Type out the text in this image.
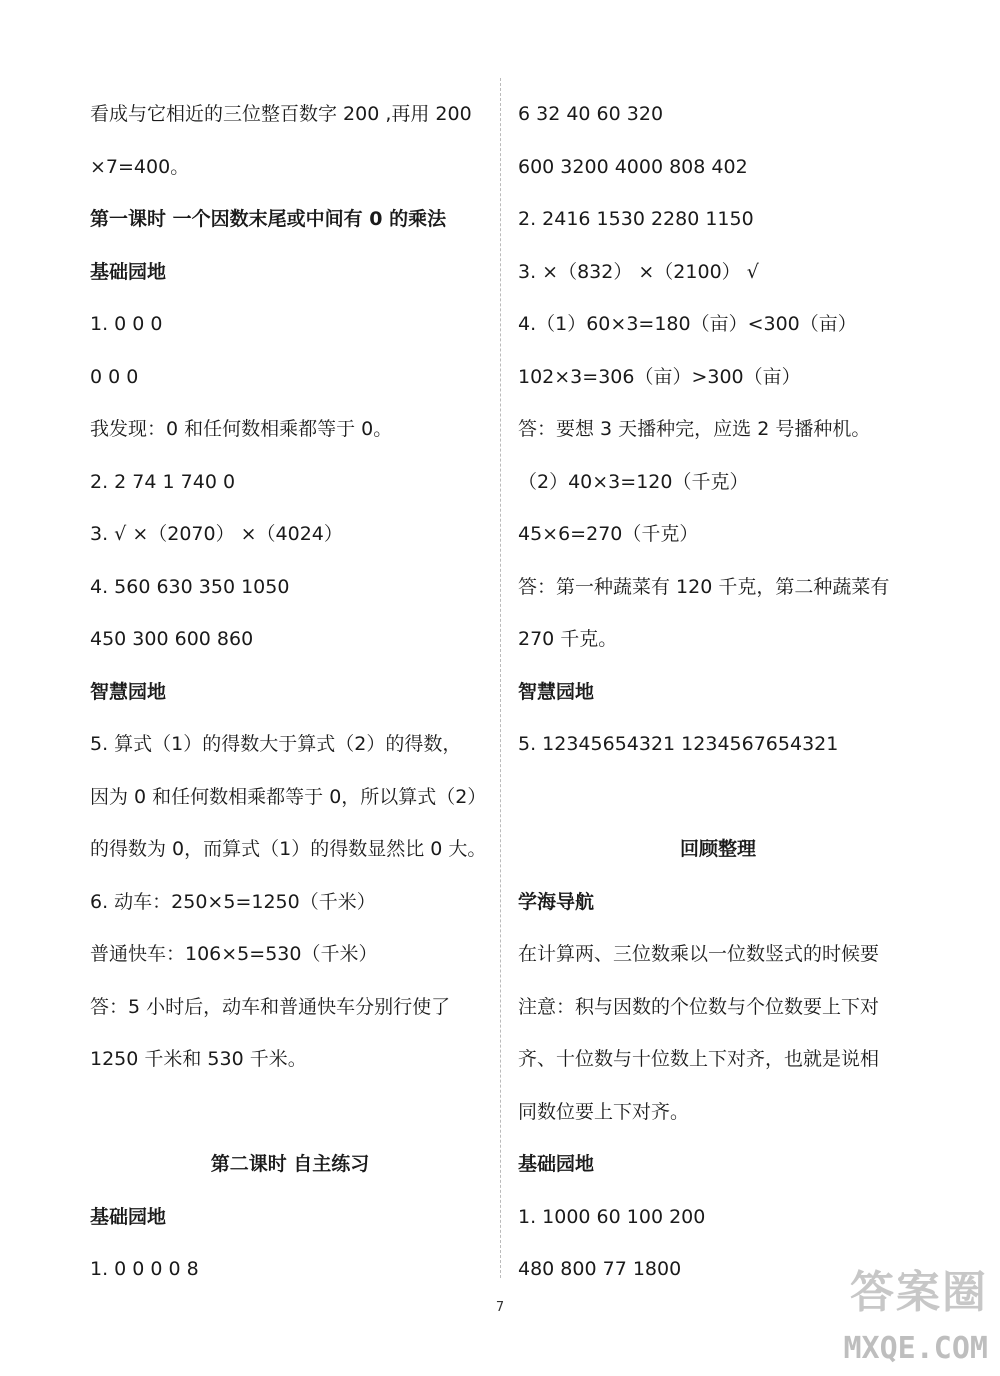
看成与它相近的三位整百数字 200 ,再用 200
×7=400。
第一课时 一个因数末尾或中间有 0 的乘法
基础园地
1. 0 0 0
0 0 0
我发现：0 和任何数相乘都等于 0。
2. 2 74 1 740 0
3. √ ×（2070） ×（4024）
4. 560 630 350 1050
450 300 600 860
智慧园地
5. 算式（1）的得数大于算式（2）的得数，
因为 0 和任何数相乘都等于 0，所以算式（2）
的得数为 0，而算式（1）的得数显然比 0 大。
6. 动车：250×5=1250（千米）
普通快车：106×5=530（千米）
答：5 小时后，动车和普通快车分别行使了
1250 千米和 530 千米。
第二课时 自主练习
基础园地
1. 0 0 0 0 8
6 32 40 60 320
600 3200 4000 808 402
2. 2416 1530 2280 1150
3. ×（832） ×（2100） √
4.（1）60×3=180（亩）<300（亩）
102×3=306（亩）>300（亩）
答：要想 3 天播种完，应选 2 号播种机。
（2）40×3=120（千克）
45×6=270（千克）
答：第一种蔬菜有 120 千克，第二种蔬菜有
270 千克。
智慧园地
5. 12345654321 1234567654321
回顾整理
学海导航
在计算两、三位数乘以一位数竖式的时候要
注意：积与因数的个位数与个位数要上下对
齐、十位数与十位数上下对齐，也就是说相
同数位要上下对齐。
基础园地
1. 1000 60 100 200
480 800 77 1800
7	答案圈
MXQE.COM
